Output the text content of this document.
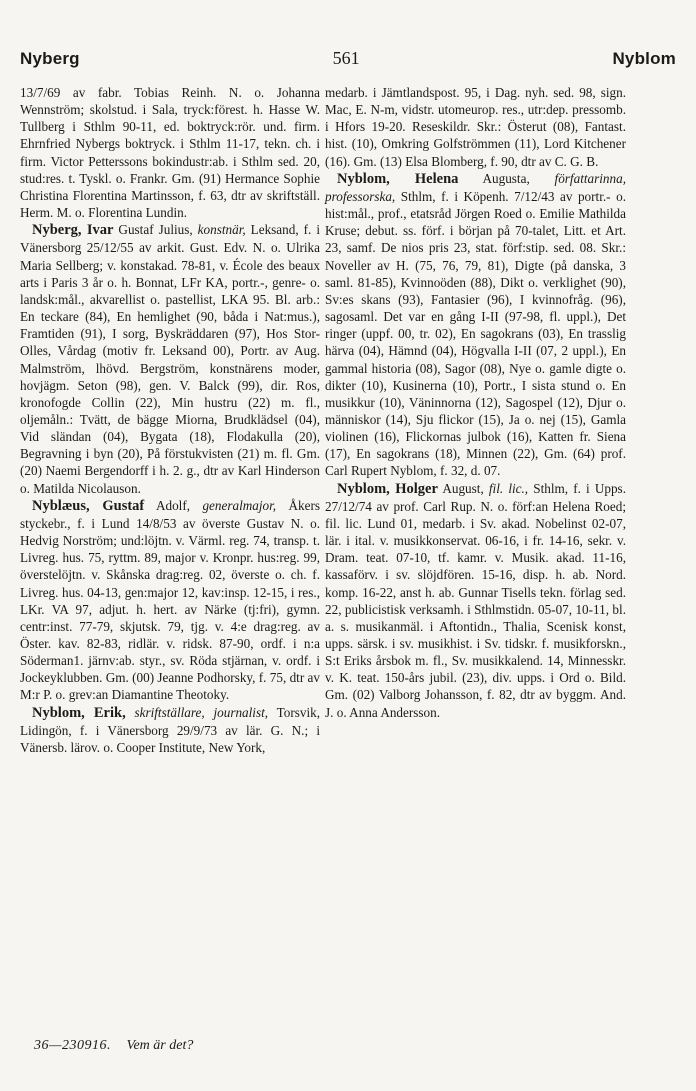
Nyberg	561	Nyblom

13/7/69 av fabr. Tobias Reinh. N. o. Johanna Wennström; skolstud. i Sala, tryck:förest. h. Hasse W. Tullberg i Sthlm 90-11, ed. boktryck:rör. und. firm. Ehrnfried Nybergs boktryck. i Sthlm 11-17, tekn. ch. i firm. Victor Petterssons bokindustr:ab. i Sthlm sed. 20, stud:res. t. Tyskl. o. Frankr. Gm. (91) Hermance Sophie Christina Florentina Martinsson, f. 63, dtr av skriftställ. Herm. M. o. Florentina Lundin.

Nyberg, Ivar Gustaf Julius, konstnär, Leksand, f. i Vänersborg 25/12/55 av arkit. Gust. Edv. N. o. Ulrika Maria Sellberg; v. konstakad. 78-81, v. École des beaux arts i Paris 3 år o. h. Bonnat, LFr KA, portr.-, genre- o. landsk:mål., akvarellist o. pastellist, LKA 95. Bl. arb.: En teckare (84), En hemlighet (90, båda i Nat:mus.), Framtiden (91), I sorg, Byskräddaren (97), Hos Stor-Olles, Vårdag (motiv fr. Leksand 00), Portr. av Aug. Malmström, lhövd. Bergström, konstnärens moder, hovjägm. Seton (98), gen. V. Balck (99), dir. Ros, kronofogde Collin (22), Min hustru (22) m. fl., oljemåln.: Tvätt, de bägge Miorna, Brudklädsel (04), Vid sländan (04), Bygata (18), Flodakulla (20), Begravning i byn (20), På förstukvisten (21) m. fl. Gm. (20) Naemi Bergendorff i h. 2. g., dtr av Karl Hinderson o. Matilda Nicolauson.

Nyblæus, Gustaf Adolf, generalmajor, Åkers styckebr., f. i Lund 14/8/53 av överste Gustav N. o. Hedvig Norström; und:löjtn. v. Värml. reg. 74, transp. t. Livreg. hus. 75, ryttm. 89, major v. Kronpr. hus:reg. 99, överstelöjtn. v. Skånska drag:reg. 02, överste o. ch. f. Livreg. hus. 04-13, gen:major 12, kav:insp. 12-15, i res., LKr. VA 97, adjut. h. hert. av Närke (tj:fri), gymn. centr:inst. 77-79, skjutsk. 79, tjg. v. 4:e drag:reg. av Öster. kav. 82-83, ridlär. v. ridsk. 87-90, ordf. i n:a Söderman1. järnv:ab. styr., sv. Röda stjärnan, v. ordf. i Jockeyklubben. Gm. (00) Jeanne Podhorsky, f. 75, dtr av M:r P. o. grev:an Diamantine Theotoky.

Nyblom, Erik, skriftställare, journalist, Torsvik, Lidingön, f. i Vänersborg 29/9/73 av lär. G. N.; i Vänersb. lärov. o. Cooper Institute, New York,

medarb. i Jämtlandspost. 95, i Dag. nyh. sed. 98, sign. Mac, E. N-m, vidstr. utomeurop. res., utr:dep. pressomb. i Hfors 19-20. Reseskildr. Skr.: Österut (08), Fantast. hist. (10), Omkring Golfströmmen (11), Lord Kitchener (16). Gm. (13) Elsa Blomberg, f. 90, dtr av C. G. B.

Nyblom, Helena Augusta, författarinna, professorska, Sthlm, f. i Köpenh. 7/12/43 av portr.- o. hist:mål., prof., etatsråd Jörgen Roed o. Emilie Mathilda Kruse; debut. ss. förf. i början på 70-talet, Litt. et Art. 23, samf. De nios pris 23, stat. förf:stip. sed. 08. Skr.: Noveller av H. (75, 76, 79, 81), Digte (på danska, 3 saml. 81-85), Kvinnoöden (88), Dikt o. verklighet (90), Sv:es skans (93), Fantasier (96), I kvinnofråg. (96), sagosaml. Det var en gång I-II (97-98, fl. uppl.), Det ringer (uppf. 00, tr. 02), En sagokrans (03), En trasslig härva (04), Hämnd (04), Högvalla I-II (07, 2 uppl.), En gammal historia (08), Sagor (08), Nye o. gamle digte o. dikter (10), Kusinerna (10), Portr., I sista stund o. En musikkur (10), Väninnorna (12), Sagospel (12), Djur o. människor (14), Sju flickor (15), Ja o. nej (15), Gamla violinen (16), Flickornas julbok (16), Katten fr. Siena (17), En sagokrans (18), Minnen (22), Gm. (64) prof. Carl Rupert Nyblom, f. 32, d. 07.

Nyblom, Holger August, fil. lic., Sthlm, f. i Upps. 27/12/74 av prof. Carl Rup. N. o. förf:an Helena Roed; fil. lic. Lund 01, medarb. i Sv. akad. Nobelinst 02-07, lär. i ital. v. musikkonservat. 06-16, i fr. 14-16, sekr. v. Dram. teat. 07-10, tf. kamr. v. Musik. akad. 11-16, kassaförv. i sv. slöjdfören. 15-16, disp. h. ab. Nord. komp. 16-22, anst h. ab. Gunnar Tisells tekn. förlag sed. 22, publicistisk verksamh. i Sthlmstidn. 05-07, 10-11, bl. a. s. musikanmäl. i Aftontidn., Thalia, Scenisk konst, upps. särsk. i sv. musikhist. i Sv. tidskr. f. musikforskn., S:t Eriks årsbok m. fl., Sv. musikkalend. 14, Minnesskr. v. K. teat. 150-års jubil. (23), div. upps. i Ord o. Bild. Gm. (02) Valborg Johansson, f. 82, dtr av byggm. And. J. o. Anna Andersson.

36—230916. Vem är det?
